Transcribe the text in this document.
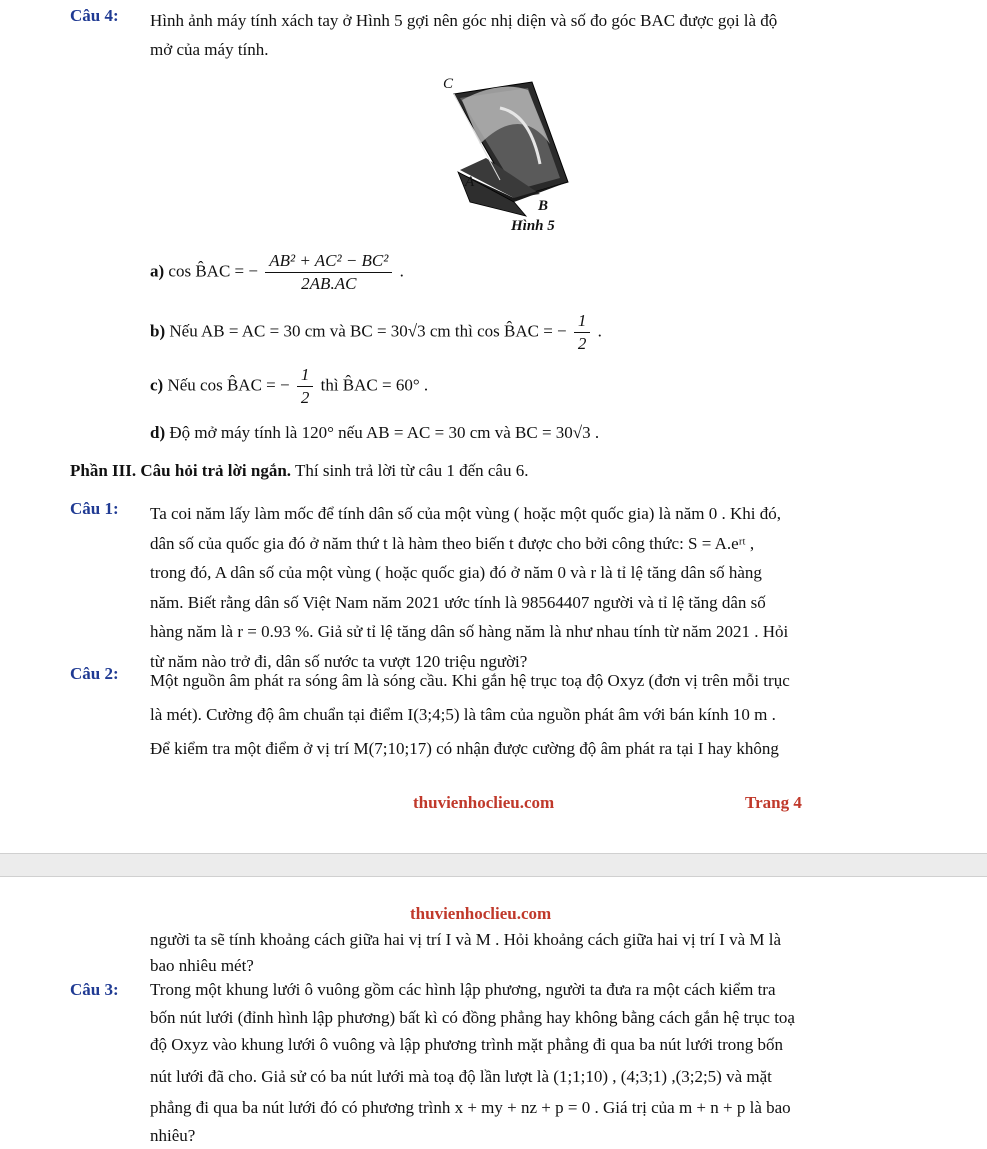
Câu 4: Hình ảnh máy tính xách tay ở Hình 5 gợi nên góc nhị diện và số đo góc BAC được gọi là độ
mở của máy tính.
C
A
B
Hình 5
a) cos B̂AC = − $\frac{\text{AB² + AC² − BC²}}{2AB.AC}$ .
b) Nếu AB = AC = 30 cm và BC = 30√3 cm thì cos B̂AC = − $\frac{1}{2}$ .
c) Nếu cos B̂AC = − $\frac{1}{2}$ thì B̂AC = 60° .
d) Độ mở máy tính là 120° nếu AB = AC = 30 cm và BC = 30√3 .
Phần III. Câu hỏi trả lời ngắn. Thí sinh trả lời từ câu 1 đến câu 6.
Câu 1: Ta coi năm lấy làm mốc để tính dân số của một vùng ( hoặc một quốc gia) là năm 0 . Khi đó,
dân số của quốc gia đó ở năm thứ t là hàm theo biến t được cho bởi công thức: S = A.eʳᵗ ,
trong đó, A dân số của một vùng ( hoặc quốc gia) đó ở năm 0 và r là tỉ lệ tăng dân số hàng
năm. Biết rằng dân số Việt Nam năm 2021 ước tính là 98564407 người và tỉ lệ tăng dân số
hàng năm là r = 0.93 %. Giả sử tỉ lệ tăng dân số hàng năm là như nhau tính từ năm 2021 . Hỏi
từ năm nào trở đi, dân số nước ta vượt 120 triệu người?
Câu 2: Một nguồn âm phát ra sóng âm là sóng cầu. Khi gắn hệ trục toạ độ Oxyz (đơn vị trên mỗi trục
là mét). Cường độ âm chuẩn tại điểm I(3;4;5) là tâm của nguồn phát âm với bán kính 10 m .
Để kiểm tra một điểm ở vị trí M(7;10;17) có nhận được cường độ âm phát ra tại I hay không
thuvienhoclieu.com	Trang 4
thuvienhoclieu.com
người ta sẽ tính khoảng cách giữa hai vị trí I và M . Hỏi khoảng cách giữa hai vị trí I và M là
bao nhiêu mét?
Câu 3: Trong một khung lưới ô vuông gồm các hình lập phương, người ta đưa ra một cách kiểm tra
bốn nút lưới (đỉnh hình lập phương) bất kì có đồng phẳng hay không bằng cách gắn hệ trục toạ
độ Oxyz vào khung lưới ô vuông và lập phương trình mặt phẳng đi qua ba nút lưới trong bốn
nút lưới đã cho. Giả sử có ba nút lưới mà toạ độ lần lượt là (1;1;10) , (4;3;1) ,(3;2;5) và mặt
phẳng đi qua ba nút lưới đó có phương trình x + my + nz + p = 0 . Giá trị của m + n + p là bao
nhiêu?
